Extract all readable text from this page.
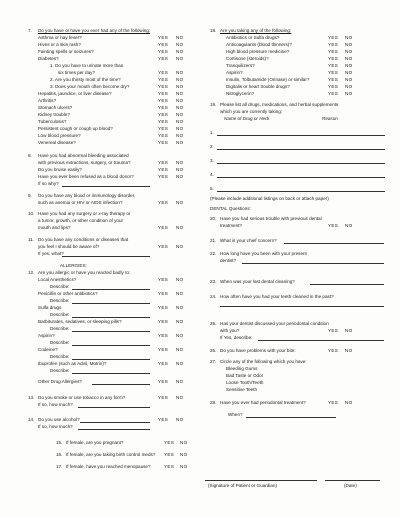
7. Do you have or have you ever had any of the following:
Asthma or hay fever?	YES NO
Hives or a skin rash?	YES NO
Fainting spells or seizures?	YES NO
Diabetes?	YES NO
1. Do you have to urinate more than
six times per day?	YES NO
2. Are you thirsty most of the time?	YES NO
3. Does your mouth often become dry?	YES NO
Hepatitis, jaundice, or liver disease?	YES NO
Arthritis?	YES NO
Stomach ulcers?	YES NO
Kidney trouble?	YES NO
Tuberculosis?	YES NO
Persistent cough or cough up blood?	YES NO
Low blood pressure?	YES NO
Venereal disease?	YES NO
8. Have you had abnormal bleeding associated
with previous extractions, surgery, or trauma?	YES NO
Do you bruise easily?	YES NO
Have you ever been refused as a blood donor?	YES NO
If so why?
9. Do you have any blood or immunology disorder,
such as anemia or HIV or AIDS infection?	YES NO
10. Have you had any surgery or x-ray therapy or
a tumor, growth, or other condition of your
mouth and lips?	YES NO
11. Do you have any conditions or diseases that
you feel I should be aware of?	YES NO
If yes, what?
ALLERGIES:
12. Are you allergic or have you reacted badly to:
Local Anesthetics?	YES NO
Describe:
Penicillin or other antibiotics?	YES NO
Describe:
Sulfa drugs	YES NO
Describe:
Barbiturates, sedatives, or sleeping pills?	YES NO
Describe:
Aspirin?	YES NO
Describe:
Codeine?	YES NO
Describe:
Ibuprofen (such as Advil, Motrin)?	YES NO
Describe:
Other Drug Allergies?	YES NO
13. Do you smoke or use tobacco in any form?	YES NO
If so, how much?
14. Do you use alcohol?	YES NO
If so, how much?
15. If female, are you pregnant?	YES NO
16. If female, are you taking birth control meds? YES NO
17. If female, have you reached menopause?	YES NO
18. Are you taking any of the following:
Antibiotics or Sulfa drugs?	YES NO
Anticoagulants (blood thinners)?	YES NO
High blood pressure medicine?	YES NO
Cortisone (steroids)?	YES NO
Tranquilizers?	YES NO
Aspirin?	YES NO
Insulin, Tolbutamide (Orinase) or similar?	YES NO
Digitalis or heart trouble drugs?	YES NO
Nitroglycerin?	YES NO
19. Please list all drugs, medications, and herbal supplements
which you are currently taking:
Name of Drug or Herb	Reason
1.
2.
3.
4.
5.
(Please include additional listings on back or attach paper)
DENTAL Questions:
20. Have you had serious trouble with previous dental
treatment?	YES NO
21. What is your chief concern?
22. How long have you been with your present
dentist?
23. When was your last dental cleaning?
24. How often have you had your teeth cleaned in the past?
25. Has your dentist discussed your periodontal condition
with you?	YES NO
If Yes, describe:
26. Do you have problems with your bite:	YES NO
27. Circle any of the following which you have:
Bleeding Gums
Bad Taste or Odor
Loose Tooth/Teeth
Sensitive Teeth
28. Have you ever had periodontal treatment?	YES NO
When?
(Signature of Patient or Guardian)	(Date)
